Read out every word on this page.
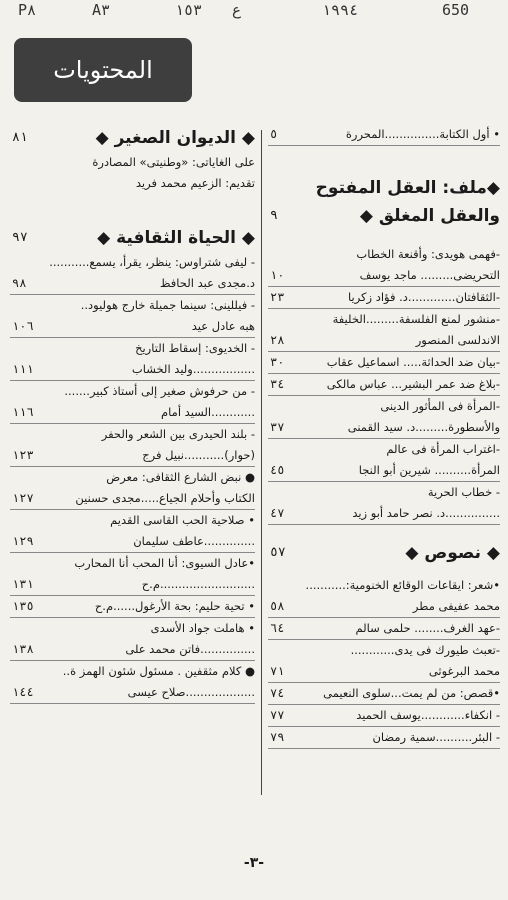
P٨	A٣	١٥٣ ع	١٩٩٤	650
المحتويات
• أول الكتابة...............المحررة
٥
◆ملف: العقل المفتوح
والعقل المغلق ◆
٩
-فهمى هويدى: وأقنعة الخطاب
التحريضى......... ماجد يوسف
١٠
-الثقافتان.............د. فؤاد زكريا
٢٣
-منشور لمنع الفلسفة.........الخليفة
الاندلسى المنصور
٢٨
-بيان ضد الحداثة..... اسماعيل عقاب
٣٠
-بلاغ ضد عمر البشير... عباس مالكى
٣٤
-المرأة فى المأثور الدينى
والأسطورة.........د. سيد القمنى
٣٧
-اغتراب المرأة فى عالم
المرأة.......... شيرين أبو النجا
٤٥
- خطاب الحرية
...............د. نصر حامد أبو زيد
٤٧
◆ نصوص ◆
٥٧
•شعر: ايقاعات الوقائع الخنومية:...........
محمد عفيفى مطر
٥٨
-عهد الغرف........ حلمى سالم
٦٤
-تعبث طيورك فى يدى............
محمد البرغوثى
٧١
•قصص: من لم يمت...سلوى النعيمى
٧٤
- انكفاء............يوسف الحميد
٧٧
- البئر..........سمية رمضان
٧٩
◆ الديوان الصغير ◆
٨١
على الغاياتى: «وطنيتى» المصادرة
تقديم: الزعيم محمد فريد
◆ الحياة الثقافية ◆
٩٧
- ليفى شتراوس: ينظر، يقرأ، يسمع...........
د.مجدى عبد الحافظ
٩٨
- فيللينى: سينما جميلة خارج هوليود..
هبه عادل عيد
١٠٦
- الخديوى: إسقاط التاريخ
.................وليد الخشاب
١١١
- من حرفوش صغير إلى أستاذ كبير.......
............السيد أمام
١١٦
- بلند الحيدرى بين الشعر والحفر
(حوار)...........نبيل فرج
١٢٣
● نبض الشارع الثقافى: معرض
الكتاب وأحلام الجياع.....مجدى حسنين
١٢٧
• صلاحية الحب القاسى القديم
..............عاطف سليمان
١٢٩
•عادل السيوى: أنا المحب أنا المحارب
..........................م.ح
١٣١
• تحية حليم: بحة الأرغول......م.ح
١٣٥
• هاملت جواد الأسدى
...............فاتن محمد على
١٣٨
● كلام مثقفين . مسئول شئون الهمز ة..
...................صلاح عيسى
١٤٤
-٣-
